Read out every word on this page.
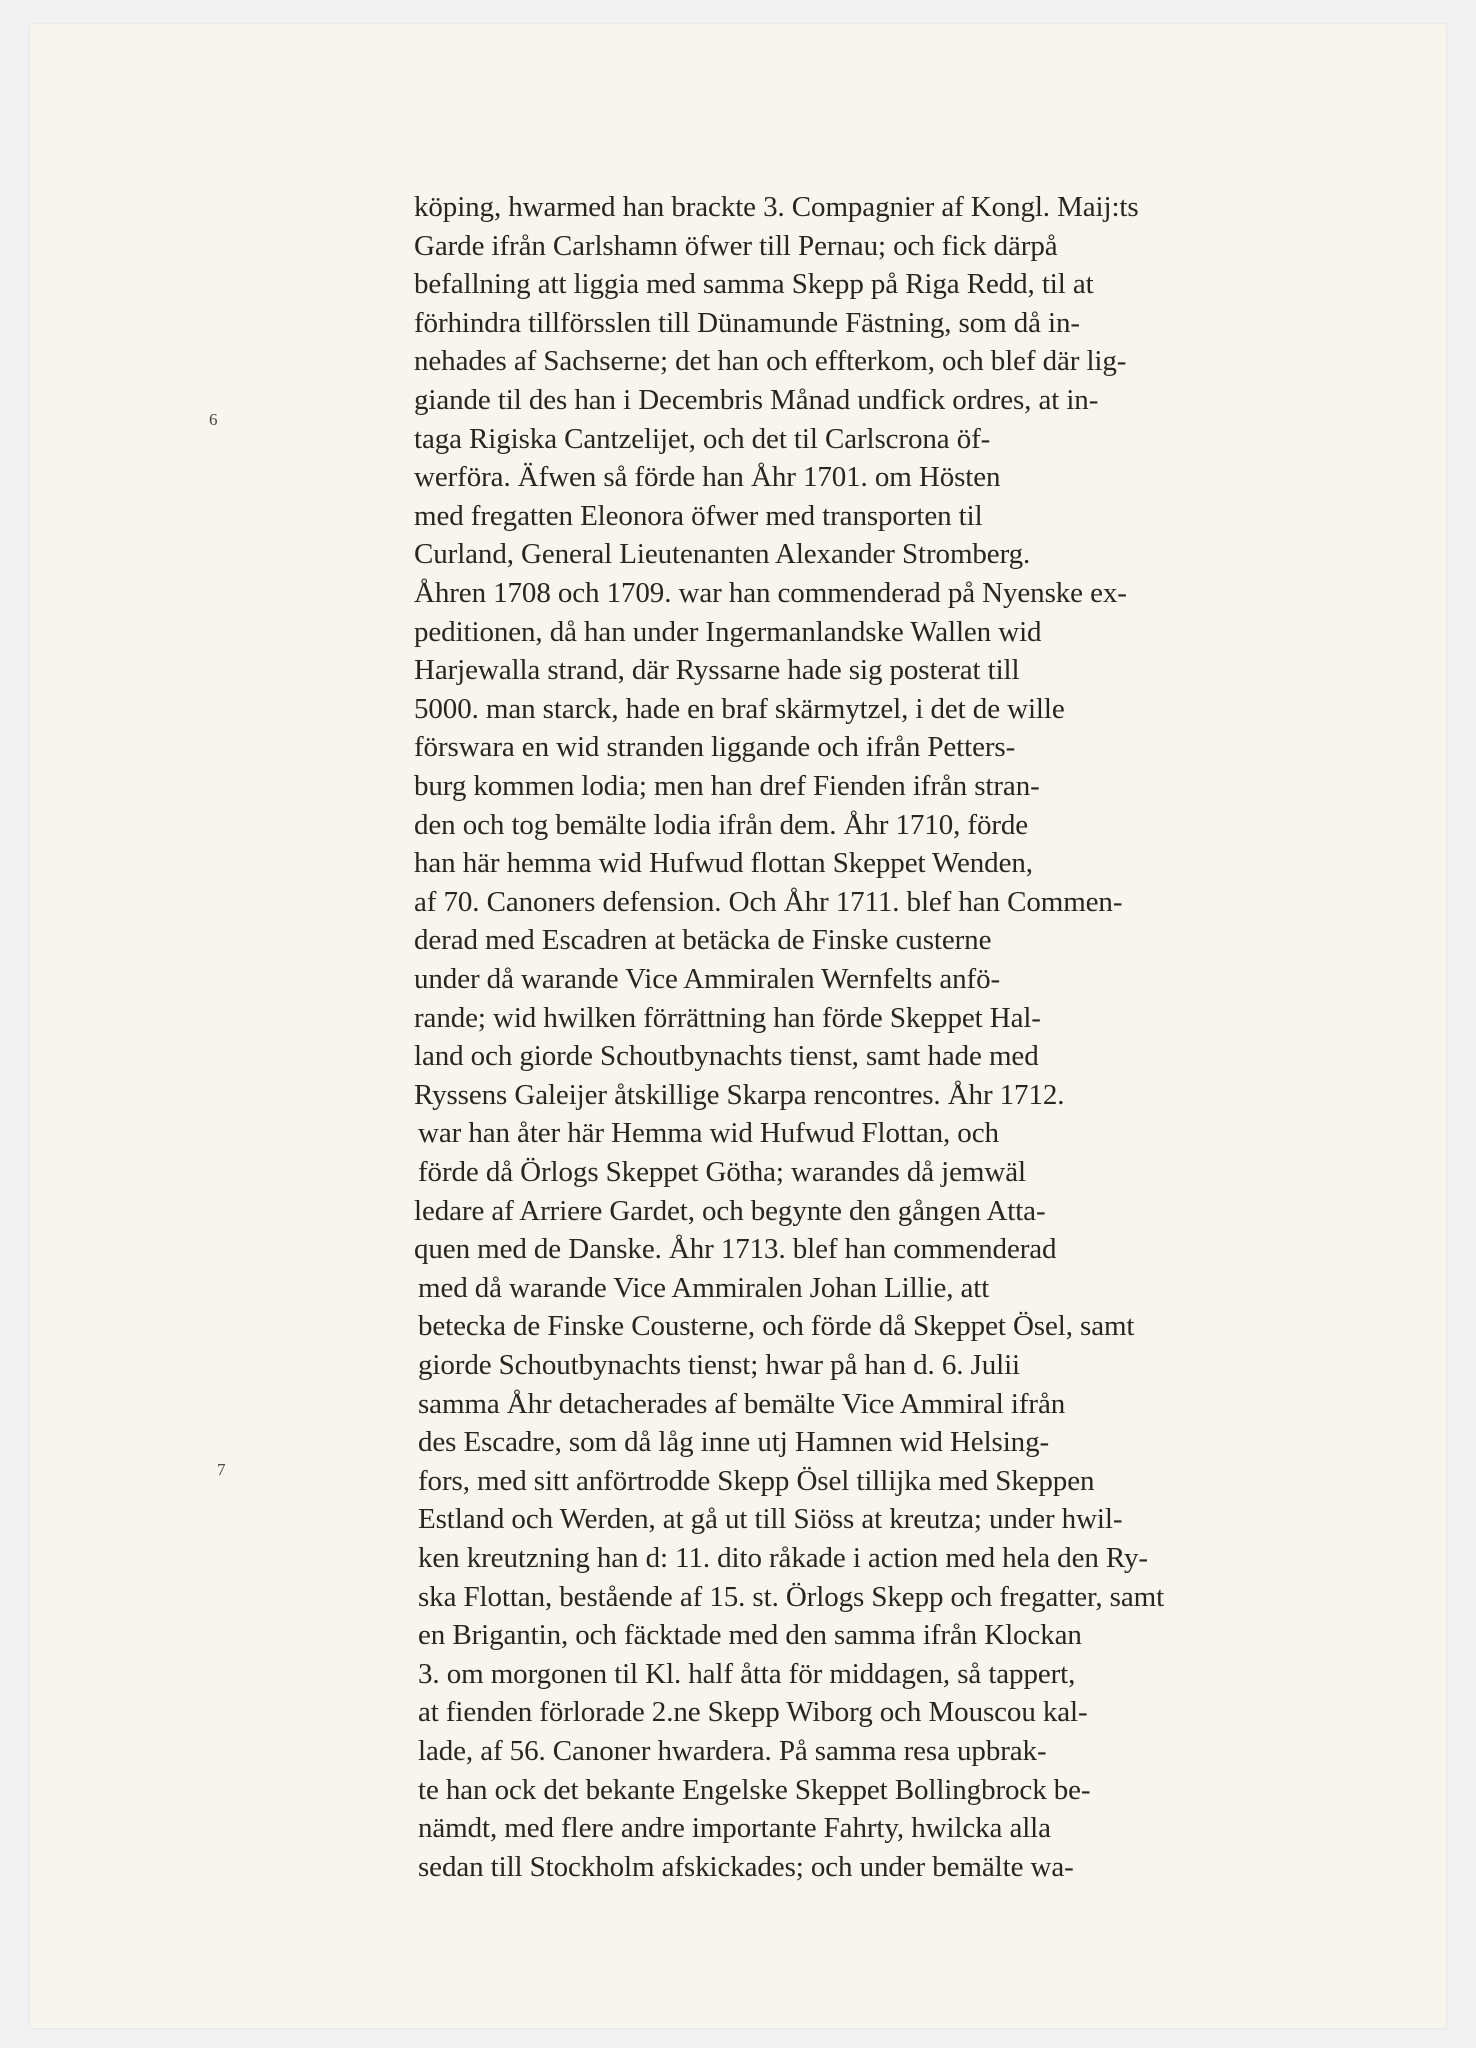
6
7
köping, hwarmed han brackte 3. Compagnier af Kongl. Maij:ts
Garde ifrån Carlshamn öfwer till Pernau; och fick därpå
befallning att liggia med samma Skepp på Riga Redd, til at
förhindra tillförsslen till Dünamunde Fästning, som då in-
nehades af Sachserne; det han och effterkom, och blef där lig-
giande til des han i Decembris Månad undfick ordres, at in-
taga Rigiska Cantzelijet, och det til Carlscrona öf-
werföra. Äfwen så förde han Åhr 1701. om Hösten
med fregatten Eleonora öfwer med transporten til
Curland, General Lieutenanten Alexander Stromberg.
Åhren 1708 och 1709. war han commenderad på Nyenske ex-
peditionen, då han under Ingermanlandske Wallen wid
Harjewalla strand, där Ryssarne hade sig posterat till
5000. man starck, hade en braf skärmytzel, i det de wille
förswara en wid stranden liggande och ifrån Petters-
burg kommen lodia; men han dref Fienden ifrån stran-
den och tog bemälte lodia ifrån dem. Åhr 1710, förde
han här hemma wid Hufwud flottan Skeppet Wenden,
af 70. Canoners defension. Och Åhr 1711. blef han Commen-
derad med Escadren at betäcka de Finske custerne
under då warande Vice Ammiralen Wernfelts anfö-
rande; wid hwilken förrättning han förde Skeppet Hal-
land och giorde Schoutbynachts tienst, samt hade med
Ryssens Galeijer åtskillige Skarpa rencontres. Åhr 1712.
war han åter här Hemma wid Hufwud Flottan, och
förde då Örlogs Skeppet Götha; warandes då jemwäl
ledare af Arriere Gardet, och begynte den gången Atta-
quen med de Danske. Åhr 1713. blef han commenderad
med då warande Vice Ammiralen Johan Lillie, att
betecka de Finske Cousterne, och förde då Skeppet Ösel, samt
giorde Schoutbynachts tienst; hwar på han d. 6. Julii
samma Åhr detacherades af bemälte Vice Ammiral ifrån
des Escadre, som då låg inne utj Hamnen wid Helsing-
fors, med sitt anförtrodde Skepp Ösel tillijka med Skeppen
Estland och Werden, at gå ut till Siöss at kreutza; under hwil-
ken kreutzning han d: 11. dito råkade i action med hela den Ry-
ska Flottan, bestående af 15. st. Örlogs Skepp och fregatter, samt
en Brigantin, och fäcktade med den samma ifrån Klockan
3. om morgonen til Kl. half åtta för middagen, så tappert,
at fienden förlorade 2.ne Skepp Wiborg och Mouscou kal-
lade, af 56. Canoner hwardera. På samma resa upbrak-
te han ock det bekante Engelske Skeppet Bollingbrock be-
nämdt, med flere andre importante Fahrty, hwilcka alla
sedan till Stockholm afskickades; och under bemälte wa-
